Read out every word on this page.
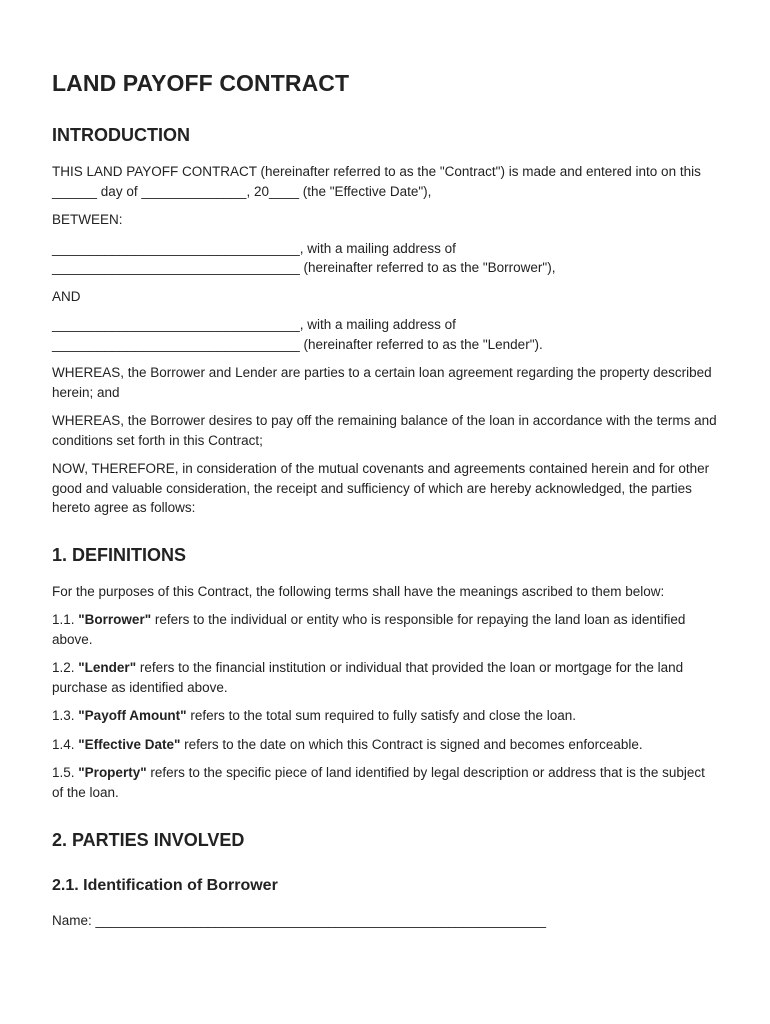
LAND PAYOFF CONTRACT
INTRODUCTION

THIS LAND PAYOFF CONTRACT (hereinafter referred to as the "Contract") is made and entered into on this ______ day of ______________, 20____ (the "Effective Date"),

BETWEEN:

_________________________________, with a mailing address of
_________________________________ (hereinafter referred to as the "Borrower"),

AND

_________________________________, with a mailing address of
_________________________________ (hereinafter referred to as the "Lender").

WHEREAS, the Borrower and Lender are parties to a certain loan agreement regarding the property described herein; and

WHEREAS, the Borrower desires to pay off the remaining balance of the loan in accordance with the terms and conditions set forth in this Contract;

NOW, THEREFORE, in consideration of the mutual covenants and agreements contained herein and for other good and valuable consideration, the receipt and sufficiency of which are hereby acknowledged, the parties hereto agree as follows:

1. DEFINITIONS

For the purposes of this Contract, the following terms shall have the meanings ascribed to them below:

1.1. "Borrower" refers to the individual or entity who is responsible for repaying the land loan as identified above.

1.2. "Lender" refers to the financial institution or individual that provided the loan or mortgage for the land purchase as identified above.

1.3. "Payoff Amount" refers to the total sum required to fully satisfy and close the loan.

1.4. "Effective Date" refers to the date on which this Contract is signed and becomes enforceable.

1.5. "Property" refers to the specific piece of land identified by legal description or address that is the subject of the loan.

2. PARTIES INVOLVED
2.1. Identification of Borrower

Name: ____________________________________________________________
